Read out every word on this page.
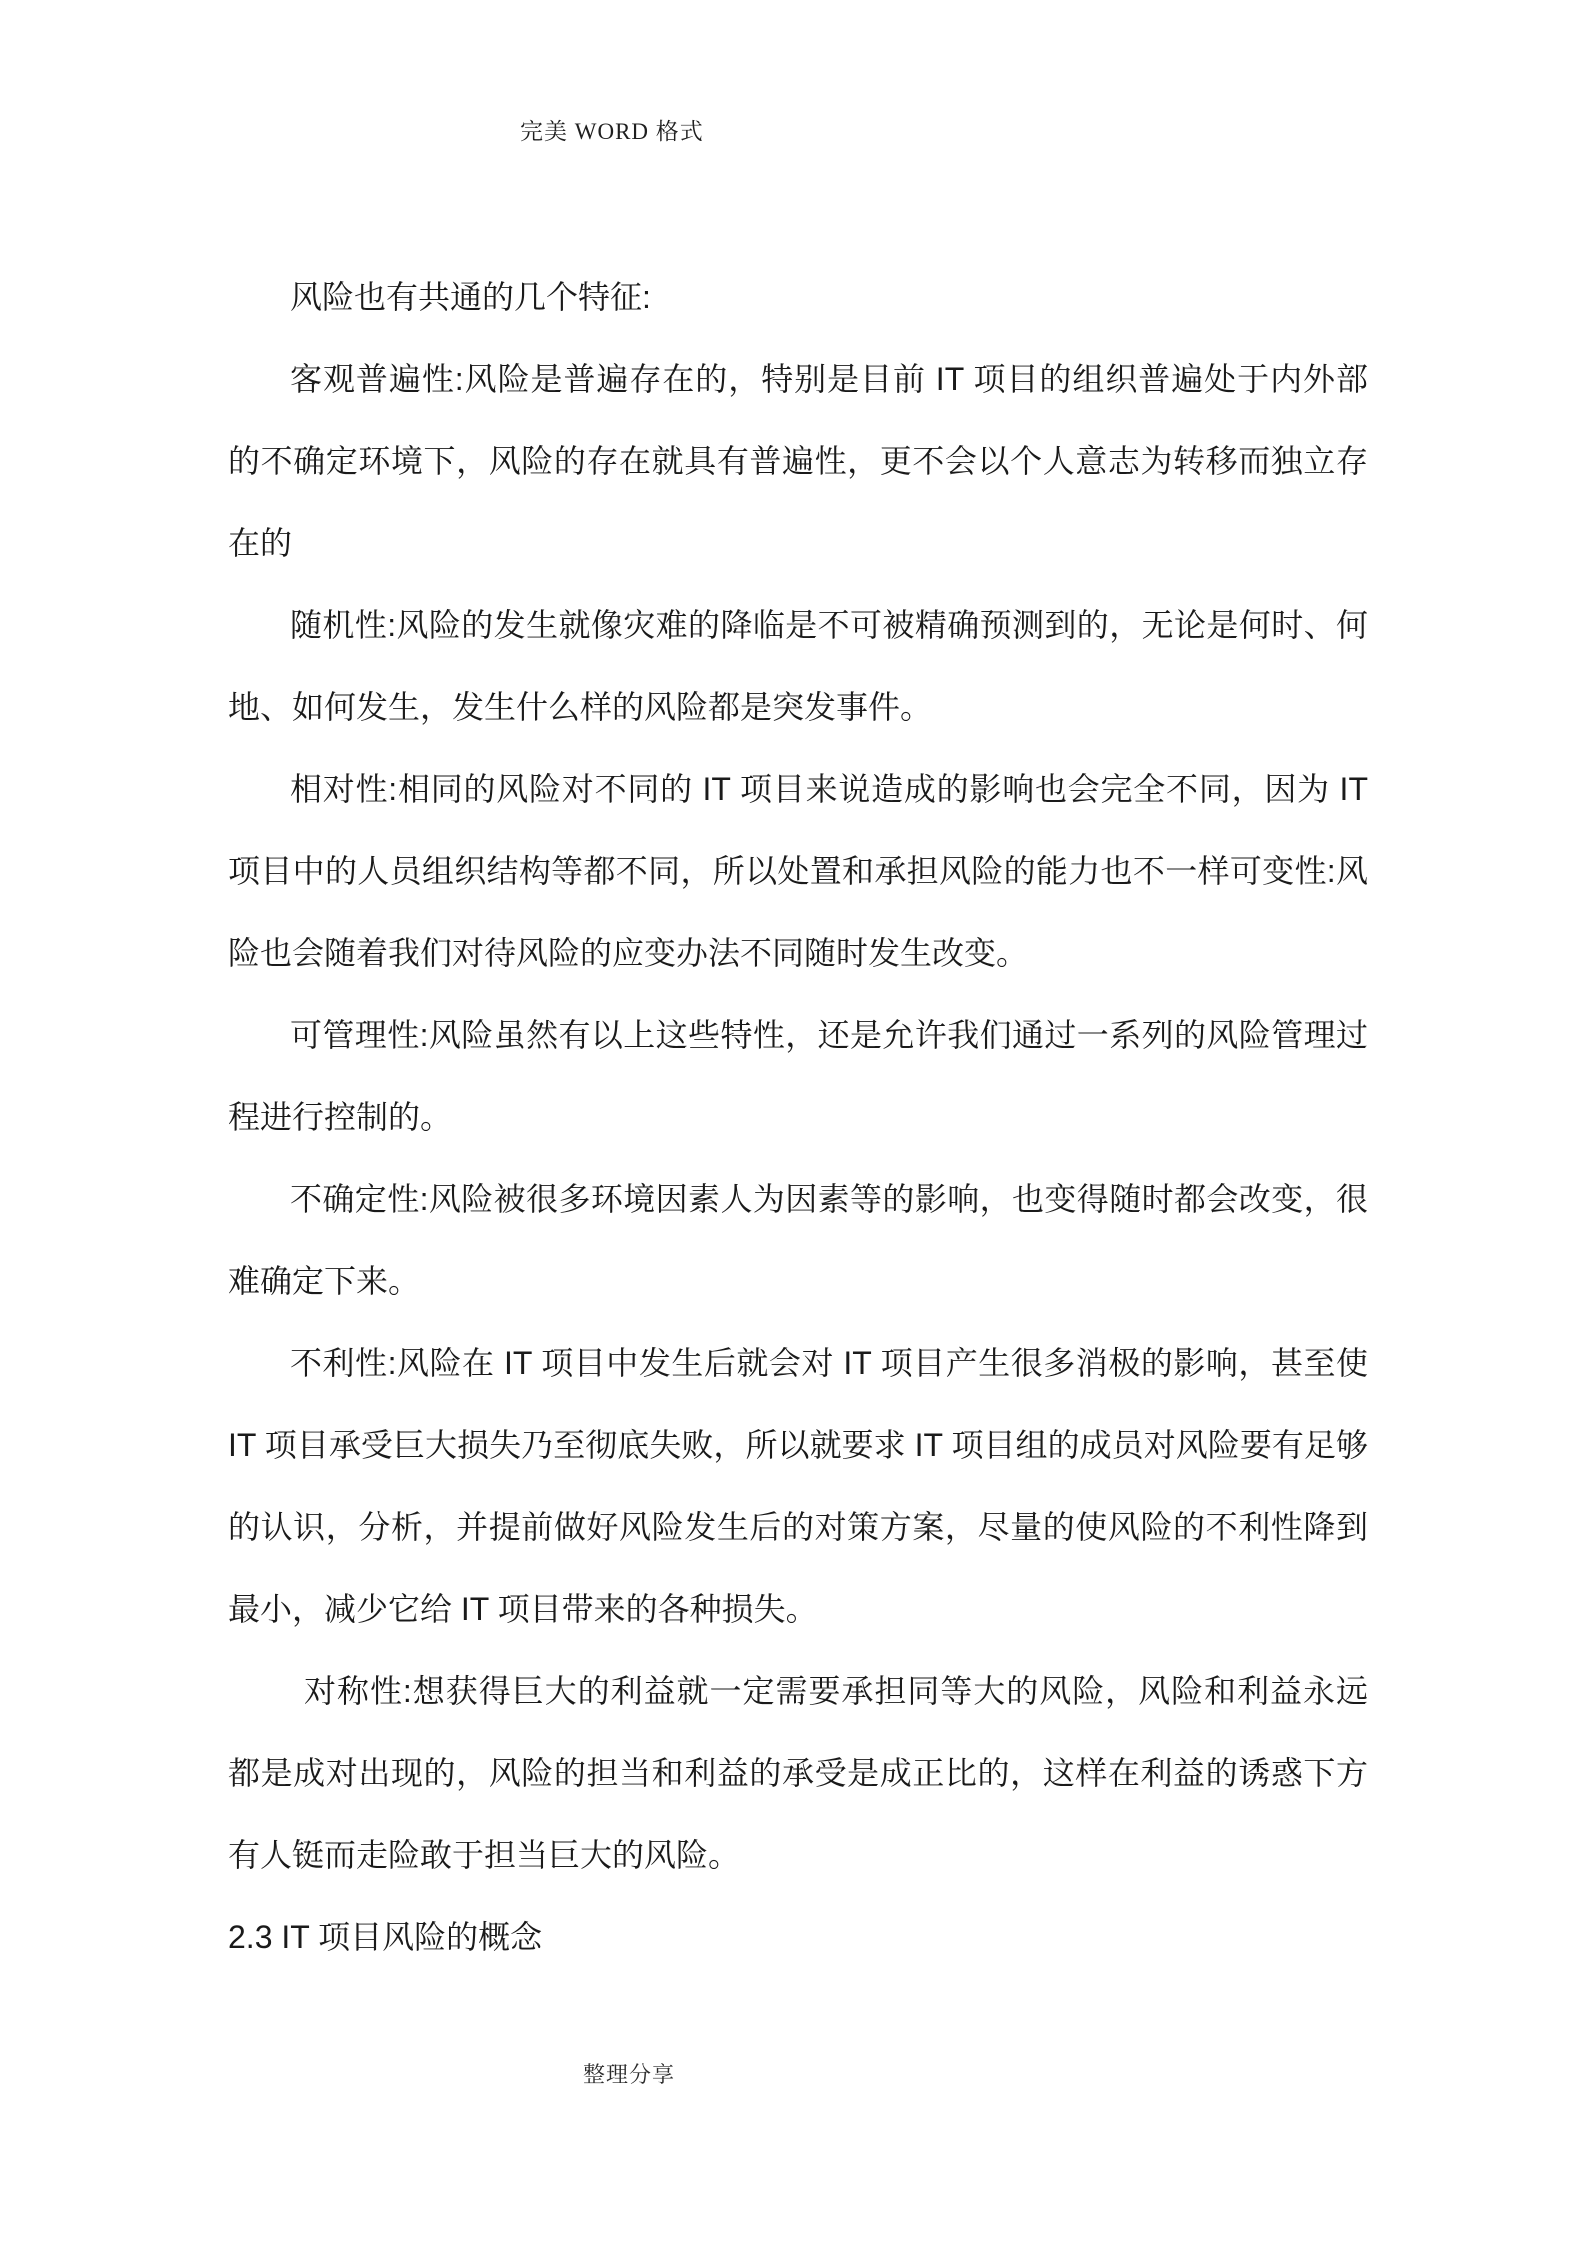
完美 WORD 格式

风险也有共通的几个特征:

客观普遍性:风险是普遍存在的，特别是目前 IT 项目的组织普遍处于内外部的不确定环境下，风险的存在就具有普遍性，更不会以个人意志为转移而独立存在的

随机性:风险的发生就像灾难的降临是不可被精确预测到的，无论是何时、何地、如何发生，发生什么样的风险都是突发事件。

相对性:相同的风险对不同的 IT 项目来说造成的影响也会完全不同，因为 IT 项目中的人员组织结构等都不同，所以处置和承担风险的能力也不一样可变性:风险也会随着我们对待风险的应变办法不同随时发生改变。

可管理性:风险虽然有以上这些特性，还是允许我们通过一系列的风险管理过程进行控制的。

不确定性:风险被很多环境因素人为因素等的影响，也变得随时都会改变，很难确定下来。

不利性:风险在 IT 项目中发生后就会对 IT 项目产生很多消极的影响，甚至使 IT 项目承受巨大损失乃至彻底失败，所以就要求 IT 项目组的成员对风险要有足够的认识，分析，并提前做好风险发生后的对策方案，尽量的使风险的不利性降到最小，减少它给 IT 项目带来的各种损失。

对称性:想获得巨大的利益就一定需要承担同等大的风险，风险和利益永远都是成对出现的，风险的担当和利益的承受是成正比的，这样在利益的诱惑下方有人铤而走险敢于担当巨大的风险。

2.3 IT 项目风险的概念

整理分享
